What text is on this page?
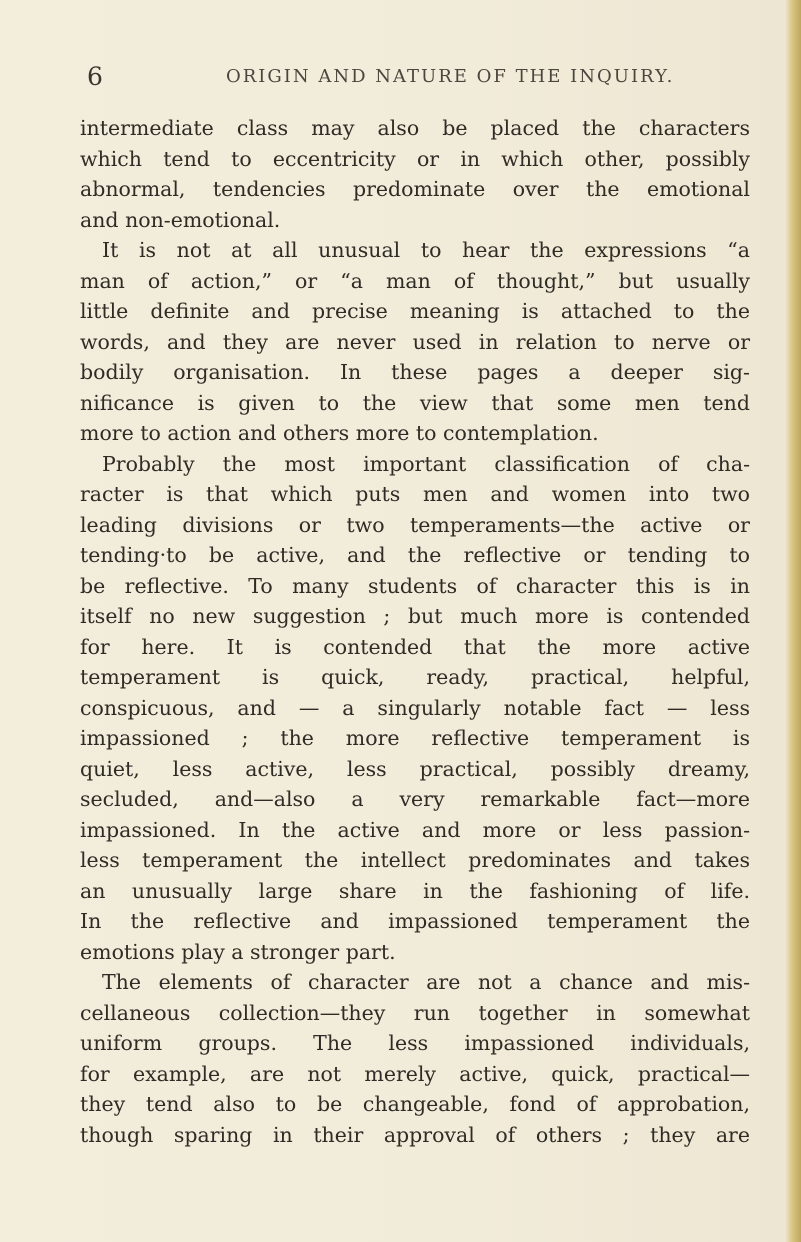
6	ORIGIN AND NATURE OF THE INQUIRY.
intermediate class may also be placed the characters
which tend to eccentricity or in which other, possibly
abnormal, tendencies predominate over the emotional
and non-emotional.
It is not at all unusual to hear the expressions “a
man of action,” or “a man of thought,” but usually
little definite and precise meaning is attached to the
words, and they are never used in relation to nerve or
bodily organisation. In these pages a deeper sig-
nificance is given to the view that some men tend
more to action and others more to contemplation.
Probably the most important classification of cha-
racter is that which puts men and women into two
leading divisions or two temperaments—the active or
tending·to be active, and the reflective or tending to
be reflective. To many students of character this is in
itself no new suggestion ; but much more is contended
for here. It is contended that the more active
temperament is quick, ready, practical, helpful,
conspicuous, and — a singularly notable fact — less
impassioned ; the more reflective temperament is
quiet, less active, less practical, possibly dreamy,
secluded, and—also a very remarkable fact—more
impassioned. In the active and more or less passion-
less temperament the intellect predominates and takes
an unusually large share in the fashioning of life.
In the reflective and impassioned temperament the
emotions play a stronger part.
The elements of character are not a chance and mis-
cellaneous collection—they run together in somewhat
uniform groups. The less impassioned individuals,
for example, are not merely active, quick, practical—
they tend also to be changeable, fond of approbation,
though sparing in their approval of others ; they are
